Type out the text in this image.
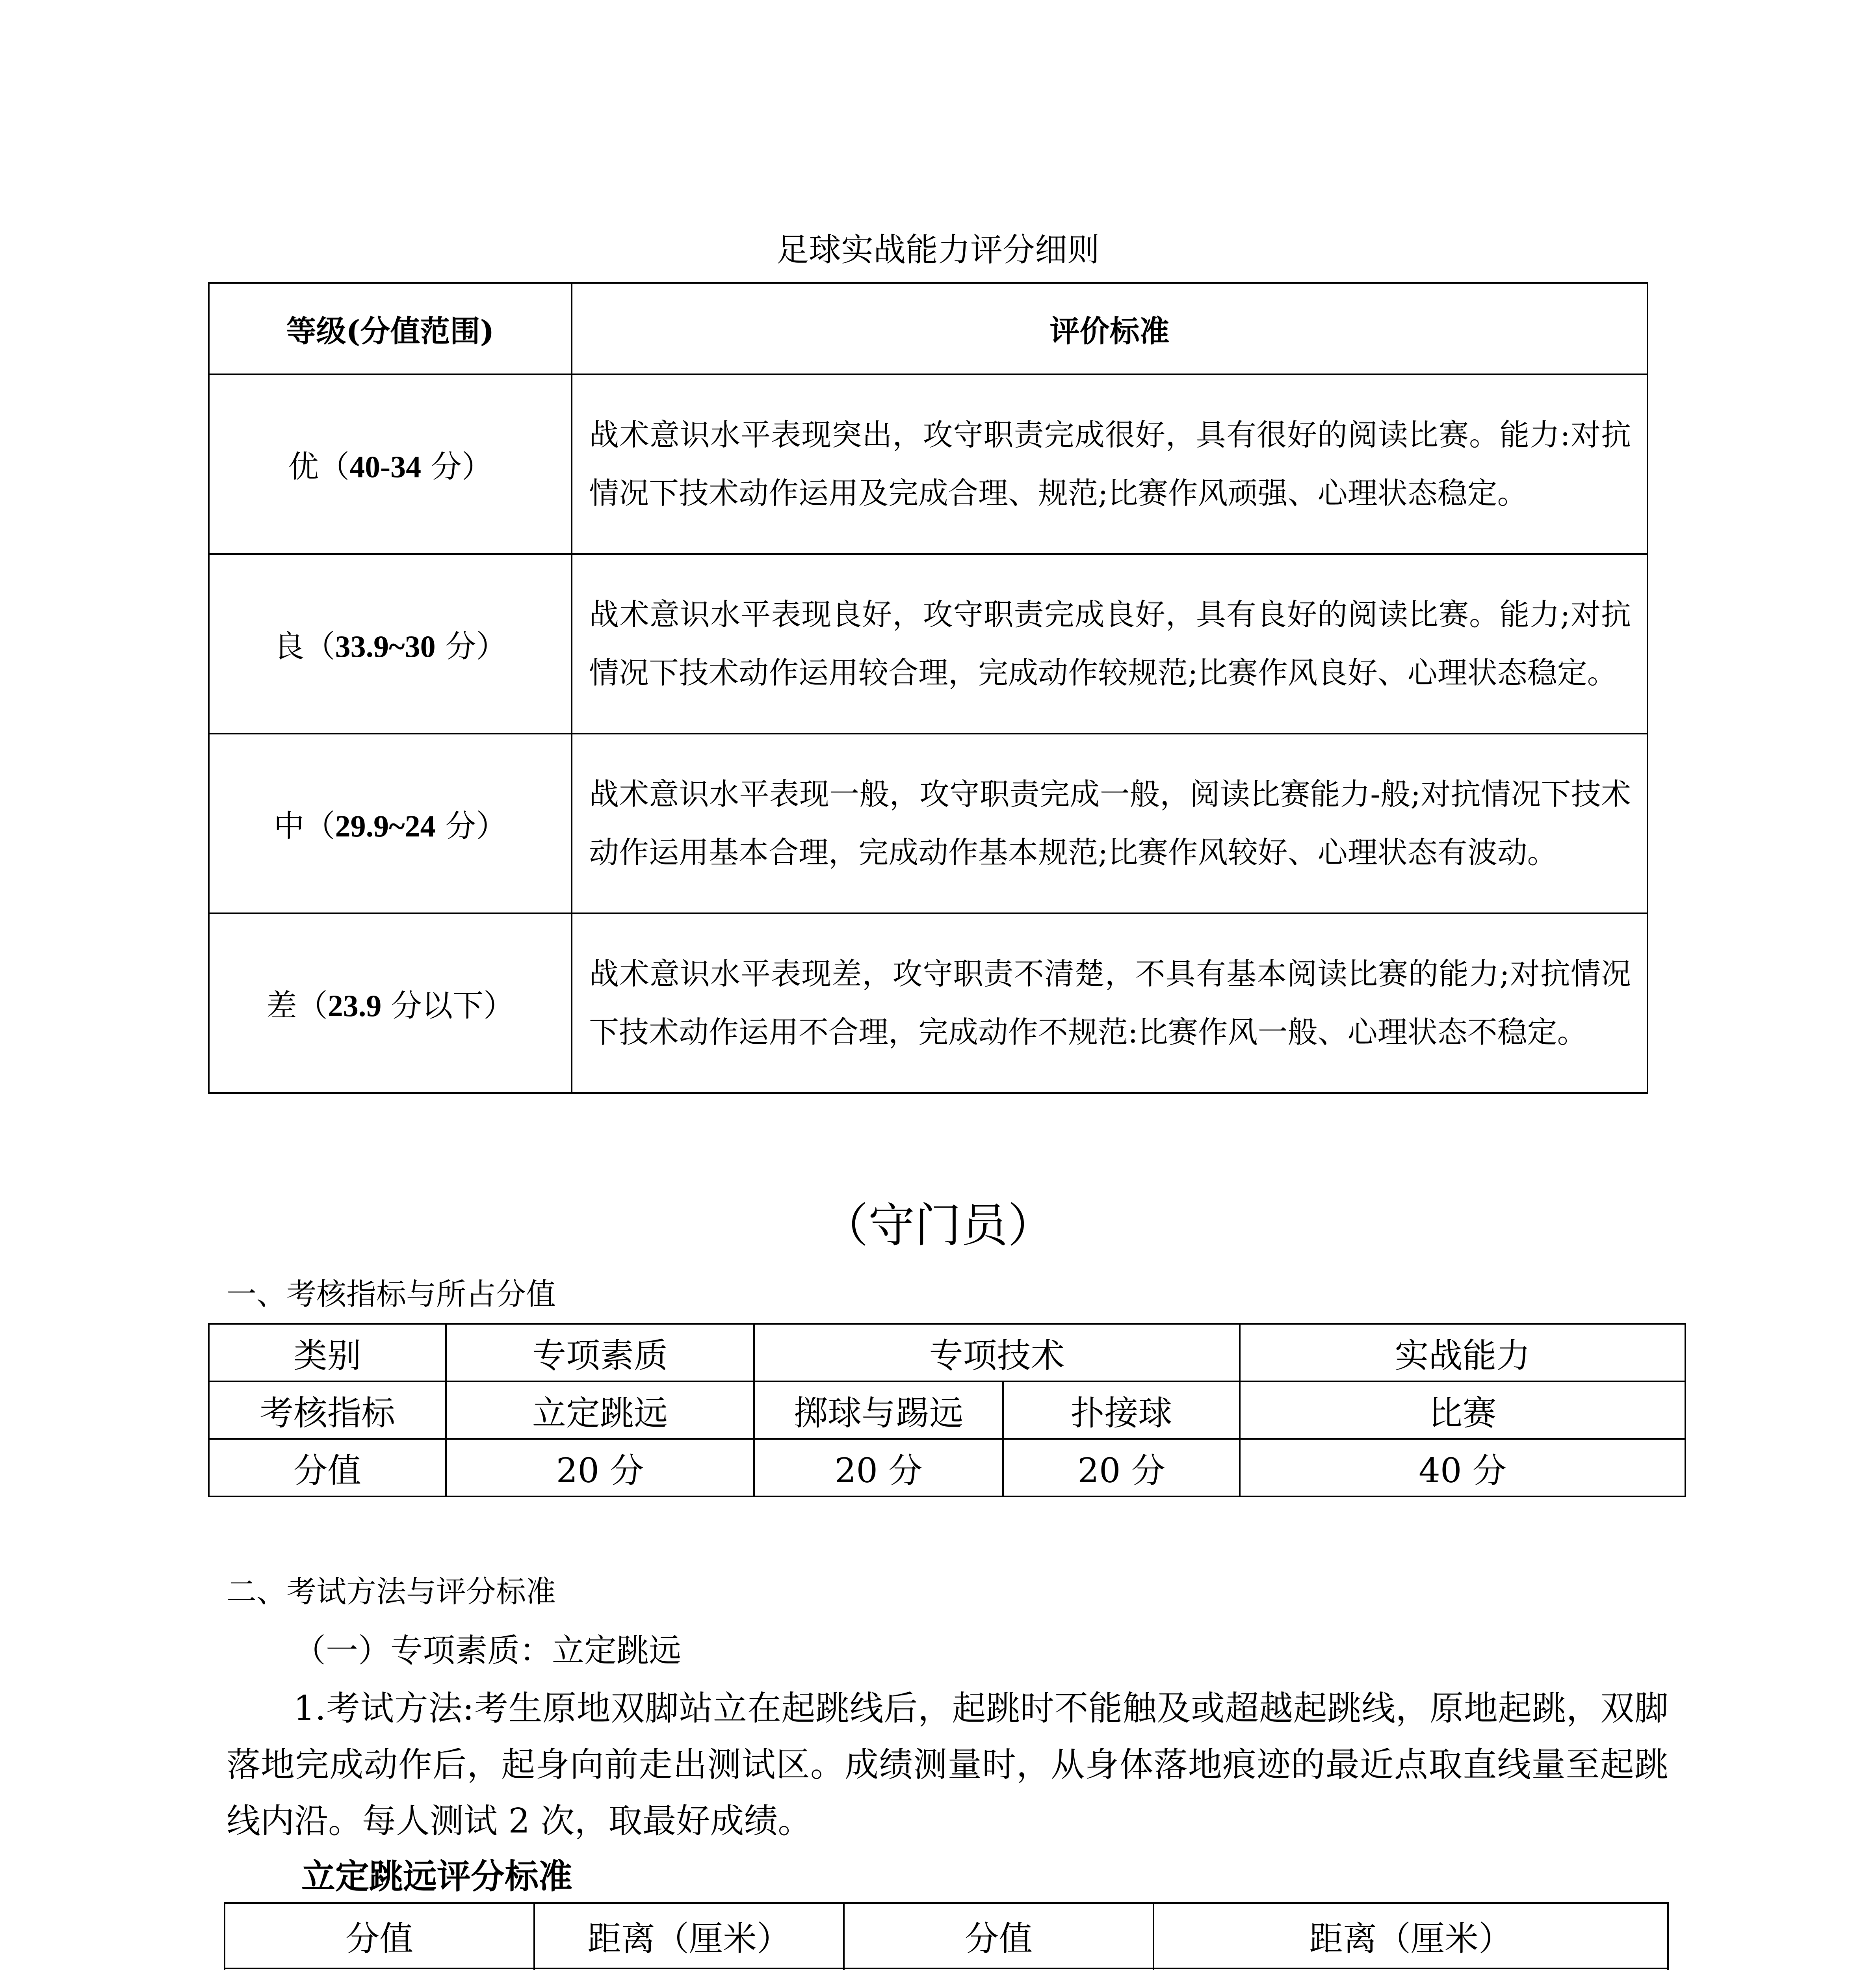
足球实战能力评分细则
等级(分值范围)	评价标准
优（40-34 分）	战术意识水平表现突出，攻守职责完成很好，具有很好的阅读比赛。能力:对抗情况下技术动作运用及完成合理、规范;比赛作风顽强、心理状态稳定。
良（33.9~30 分）	战术意识水平表现良好，攻守职责完成良好，具有良好的阅读比赛。能力;对抗情况下技术动作运用较合理，完成动作较规范;比赛作风良好、心理状态稳定。
中（29.9~24 分）	战术意识水平表现一般，攻守职责完成一般，阅读比赛能力-般;对抗情况下技术动作运用基本合理，完成动作基本规范;比赛作风较好、心理状态有波动。
差（23.9 分以下）	战术意识水平表现差，攻守职责不清楚，不具有基本阅读比赛的能力;对抗情况下技术动作运用不合理，完成动作不规范:比赛作风一般、心理状态不稳定。
（守门员）
一、考核指标与所占分值
类别	专项素质	专项技术		实战能力
考核指标	立定跳远	掷球与踢远	扑接球	比赛
分值	20 分	20 分	20 分	40 分
二、考试方法与评分标准
（一）专项素质：立定跳远
1.考试方法:考生原地双脚站立在起跳线后，起跳时不能触及或超越起跳线，原地起跳，双脚落地完成动作后，起身向前走出测试区。成绩测量时，从身体落地痕迹的最近点取直线量至起跳线内沿。每人测试 2 次，取最好成绩。
立定跳远评分标准
分值	距离（厘米）	分值	距离（厘米）
